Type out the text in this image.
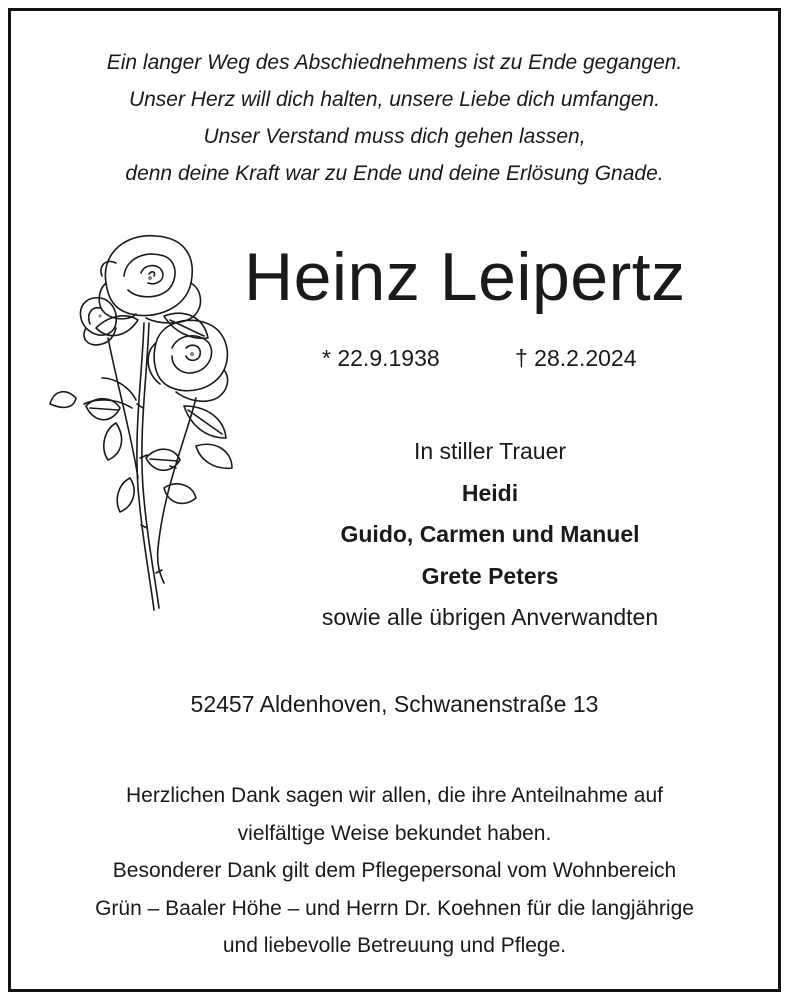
Ein langer Weg des Abschiednehmens ist zu Ende gegangen.
Unser Herz will dich halten, unsere Liebe dich umfangen.
Unser Verstand muss dich gehen lassen,
denn deine Kraft war zu Ende und deine Erlösung Gnade.
Heinz Leipertz
* 22.9.1938	† 28.2.2024
In stiller Trauer
Heidi
Guido, Carmen und Manuel
Grete Peters
sowie alle übrigen Anverwandten
52457 Aldenhoven, Schwanenstraße 13
Herzlichen Dank sagen wir allen, die ihre Anteilnahme auf
vielfältige Weise bekundet haben.
Besonderer Dank gilt dem Pflegepersonal vom Wohnbereich
Grün – Baaler Höhe – und Herrn Dr. Koehnen für die langjährige
und liebevolle Betreuung und Pflege.
